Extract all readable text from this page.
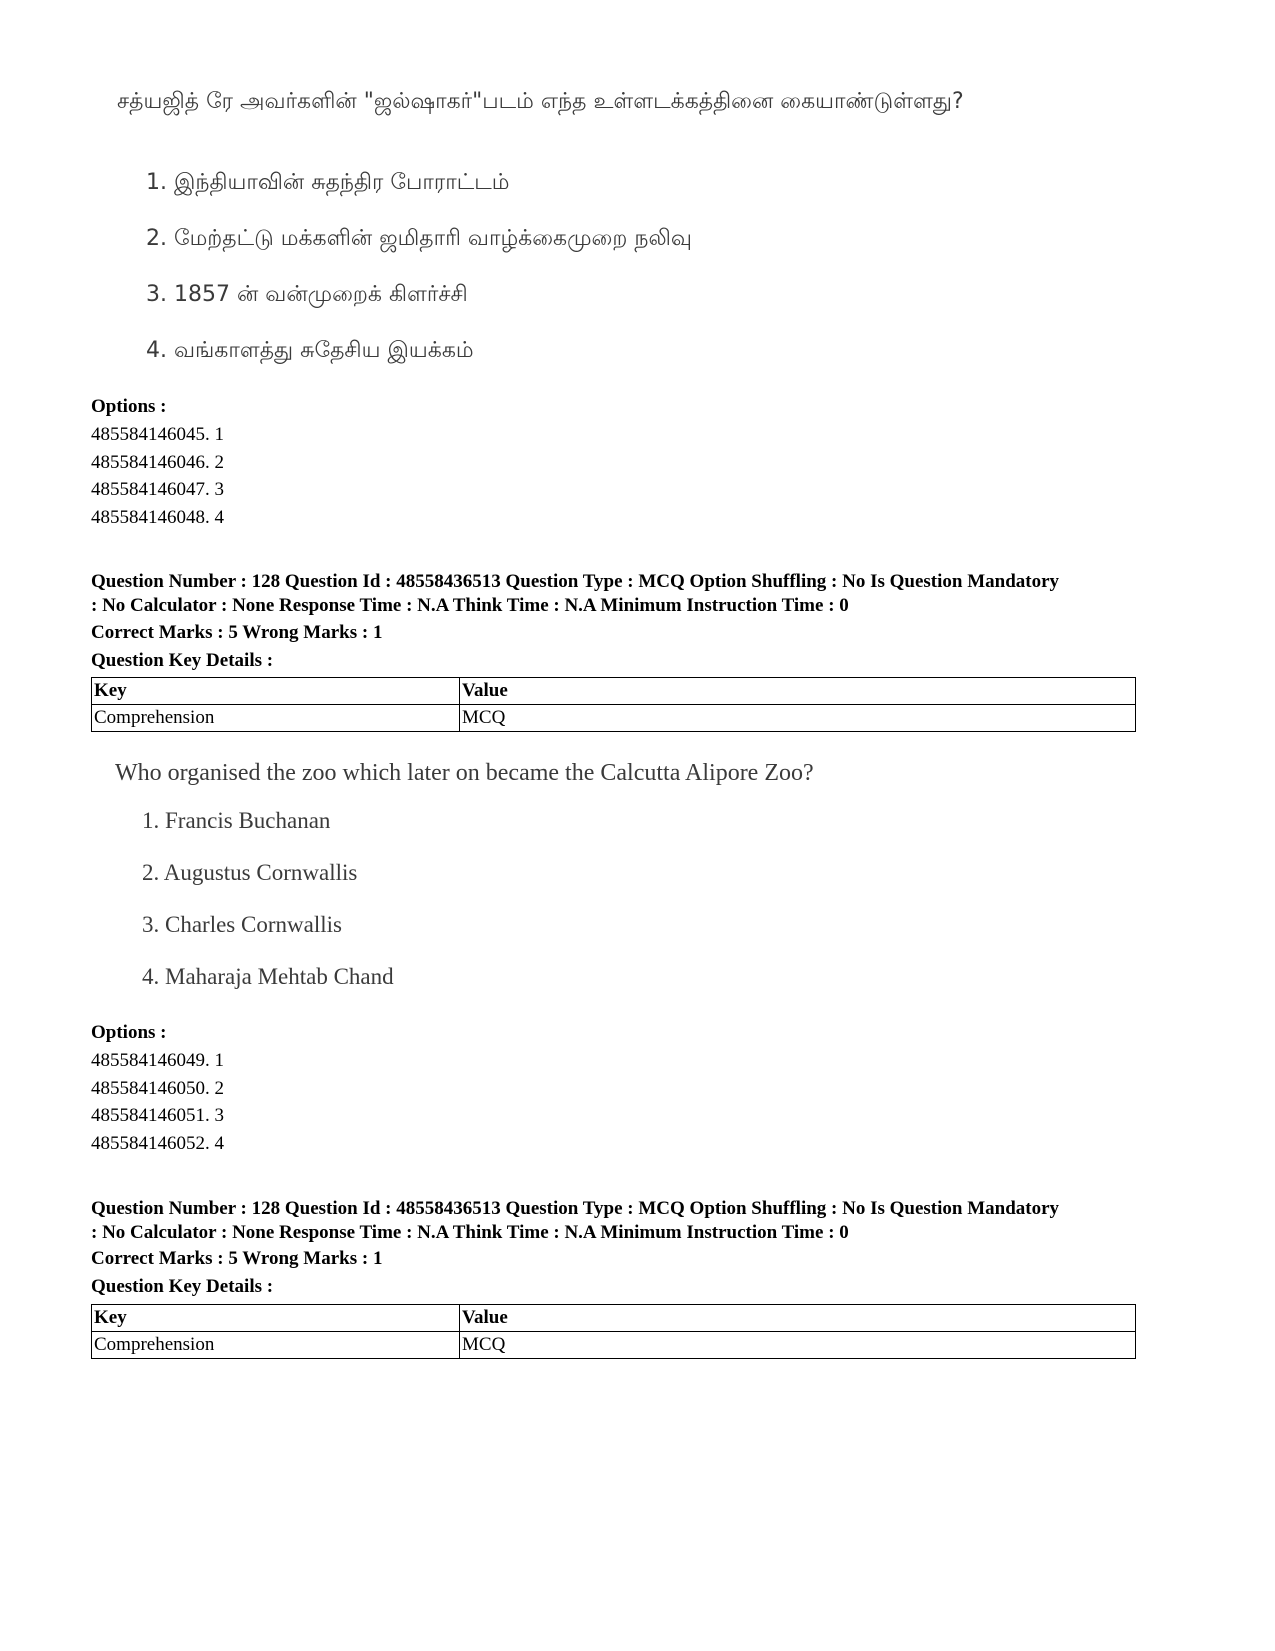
சத்யஜித் ரே அவர்களின் "ஜல்ஷாகர்"படம் எந்த உள்ளடக்கத்தினை கையாண்டுள்ளது?
1. இந்தியாவின் சுதந்திர போராட்டம்
2. மேற்தட்டு மக்களின் ஜமிதாரி வாழ்க்கைமுறை நலிவு
3. 1857 ன் வன்முறைக் கிளர்ச்சி
4. வங்காளத்து சுதேசிய இயக்கம்
Options :
485584146045. 1
485584146046. 2
485584146047. 3
485584146048. 4
Question Number : 128 Question Id : 48558436513 Question Type : MCQ Option Shuffling : No Is Question Mandatory
: No Calculator : None Response Time : N.A Think Time : N.A Minimum Instruction Time : 0
Correct Marks : 5 Wrong Marks : 1
Question Key Details :
Key	Value
Comprehension	MCQ
Who organised the zoo which later on became the Calcutta Alipore Zoo?
1. Francis Buchanan
2. Augustus Cornwallis
3. Charles Cornwallis
4. Maharaja Mehtab Chand
Options :
485584146049. 1
485584146050. 2
485584146051. 3
485584146052. 4
Question Number : 128 Question Id : 48558436513 Question Type : MCQ Option Shuffling : No Is Question Mandatory
: No Calculator : None Response Time : N.A Think Time : N.A Minimum Instruction Time : 0
Correct Marks : 5 Wrong Marks : 1
Question Key Details :
Key	Value
Comprehension	MCQ
